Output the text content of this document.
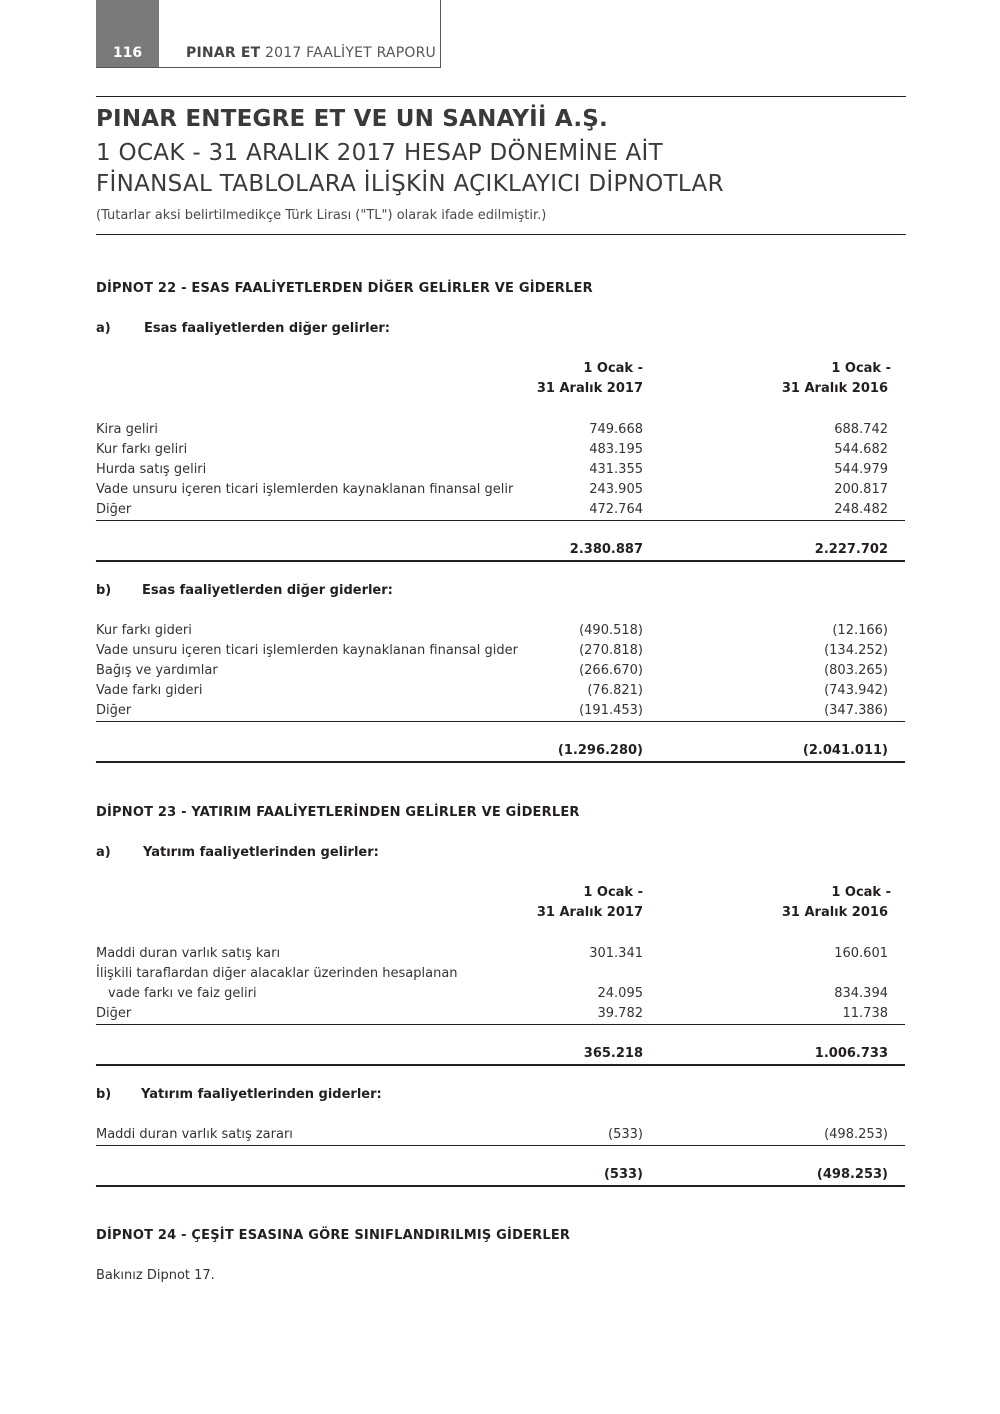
116	PINAR ET 2017 FAALİYET RAPORU
PINAR ENTEGRE ET VE UN SANAYİİ A.Ş.
1 OCAK - 31 ARALIK 2017 HESAP DÖNEMİNE AİT
FİNANSAL TABLOLARA İLİŞKİN AÇIKLAYICI DİPNOTLAR
(Tutarlar aksi belirtilmedikçe Türk Lirası ("TL") olarak ifade edilmiştir.)
DİPNOT 22 - ESAS FAALİYETLERDEN DİĞER GELİRLER VE GİDERLER
a)	Esas faaliyetlerden diğer gelirler:
1 Ocak -
31 Aralık 2017
1 Ocak -
31 Aralık 2016
Kira geliri	749.668	688.742
Kur farkı geliri	483.195	544.682
Hurda satış geliri	431.355	544.979
Vade unsuru içeren ticari işlemlerden kaynaklanan finansal gelir	243.905	200.817
Diğer	472.764	248.482
2.380.887	2.227.702
b) Esas faaliyetlerden diğer giderler:
Kur farkı gideri	(490.518)	(12.166)
Vade unsuru içeren ticari işlemlerden kaynaklanan finansal gider	(270.818)	(134.252)
Bağış ve yardımlar	(266.670)	(803.265)
Vade farkı gideri	(76.821)	(743.942)
Diğer	(191.453)	(347.386)
(1.296.280)	(2.041.011)
DİPNOT 23 - YATIRIM FAALİYETLERİNDEN GELİRLER VE GİDERLER
a) Yatırım faaliyetlerinden gelirler:
1 Ocak -
31 Aralık 2017
1 Ocak -
31 Aralık 2016
Maddi duran varlık satış karı	301.341	160.601
İlişkili taraflardan diğer alacaklar üzerinden hesaplanan
vade farkı ve faiz geliri	24.095	834.394
Diğer	39.782	11.738
365.218	1.006.733
b) Yatırım faaliyetlerinden giderler:
Maddi duran varlık satış zararı	(533)	(498.253)
(533)	(498.253)
DİPNOT 24 - ÇEŞİT ESASINA GÖRE SINIFLANDIRILMIŞ GİDERLER
Bakınız Dipnot 17.
